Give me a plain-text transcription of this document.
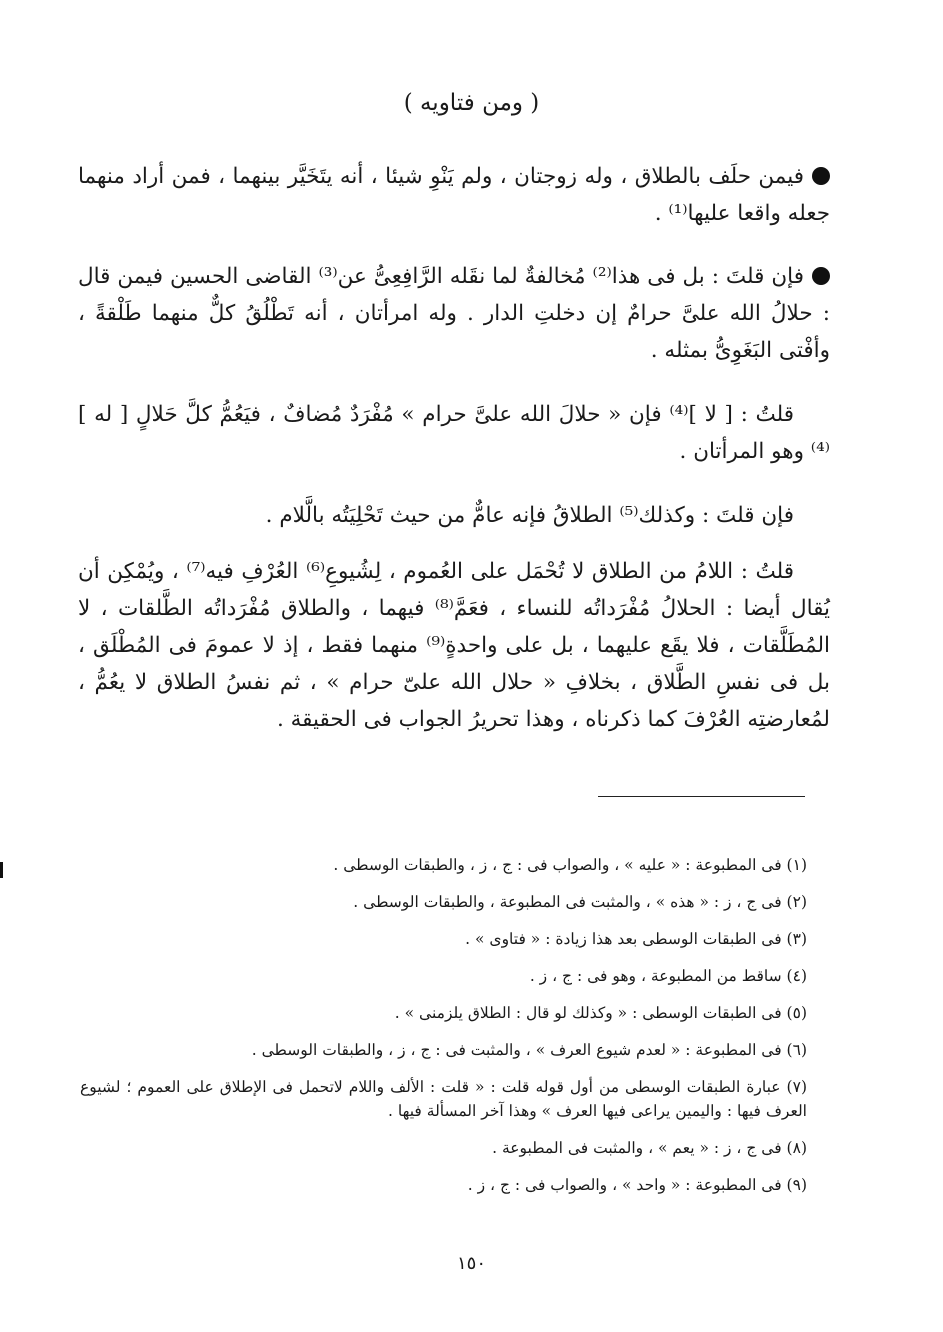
( ومن فتاويه )
فيمن حلَف بالطلاق ، وله زوجتان ، ولم يَنْوِ شيئا ، أنه يتَخَيَّر بينهما ، فمن أراد منهما جعله واقعا عليها⁽¹⁾ .
فإن قلتَ : بل فى هذا⁽²⁾ مُخالفةٌ لما نقَله الرَّافِعِىُّ عن⁽³⁾ القاضى الحسين فيمن قال : حلالُ الله علىَّ حرامٌ إن دخلتِ الدار . وله امرأتان ، أنه تَطْلُقُ كلٌّ منهما طَلْقةً ، وأفْتى البَغَوِىُّ بمثله .
قلتُ : [ لا ]⁽⁴⁾ فإن « حلالَ الله علىَّ حرام » مُفْرَدٌ مُضافٌ ، فيَعُمُّ كلَّ حَلالٍ [ له ]⁽⁴⁾ وهو المرأتان .
فإن قلتَ : وكذلك⁽⁵⁾ الطلاقُ فإنه عامٌّ من حيث تَحْلِيَتُه بالَّلام .
قلتُ : اللامُ من الطلاق لا تُحْمَل على العُموم ، لِشُيوعِ⁽⁶⁾ العُرْفِ فيه⁽⁷⁾ ، ويُمْكِن أن يُقال أيضا : الحلالُ مُفْرَداتُه للنساء ، فعَمَّ⁽⁸⁾ فيهما ، والطلاق مُفْرَداتُه الطَّلقات ، لا المُطَلَّقات ، فلا يقَع عليهما ، بل على واحدةٍ⁽⁹⁾ منهما فقط ، إذ لا عمومَ فى المُطْلَق ، بل فى نفسِ الطَّلاق ، بخلافِ « حلال الله علىّ حرام » ، ثم نفسُ الطلاق لا يعُمُّ ، لمُعارضتِه العُرْفَ كما ذكرناه ، وهذا تحريرُ الجواب فى الحقيقة .
(١) فى المطبوعة : « عليه » ، والصواب فى : ج ، ز ، والطبقات الوسطى .
(٢) فى ج ، ز : « هذه » ، والمثبت فى المطبوعة ، والطبقات الوسطى .
(٣) فى الطبقات الوسطى بعد هذا زيادة : « فتاوى » .
(٤) ساقط من المطبوعة ، وهو فى : ج ، ز .
(٥) فى الطبقات الوسطى : « وكذلك لو قال : الطلاق يلزمنى » .
(٦) فى المطبوعة : « لعدم شيوع العرف » ، والمثبت فى : ج ، ز ، والطبقات الوسطى .
(٧) عبارة الطبقات الوسطى من أول قوله قلت : « قلت : الألف واللام لاتحمل فى الإطلاق على العموم ؛ لشيوع العرف فيها : واليمين يراعى فيها العرف » وهذا آخر المسألة فيها .
(٨) فى ج ، ز : « يعم » ، والمثبت فى المطبوعة .
(٩) فى المطبوعة : « واحد » ، والصواب فى : ج ، ز .
١٥٠
